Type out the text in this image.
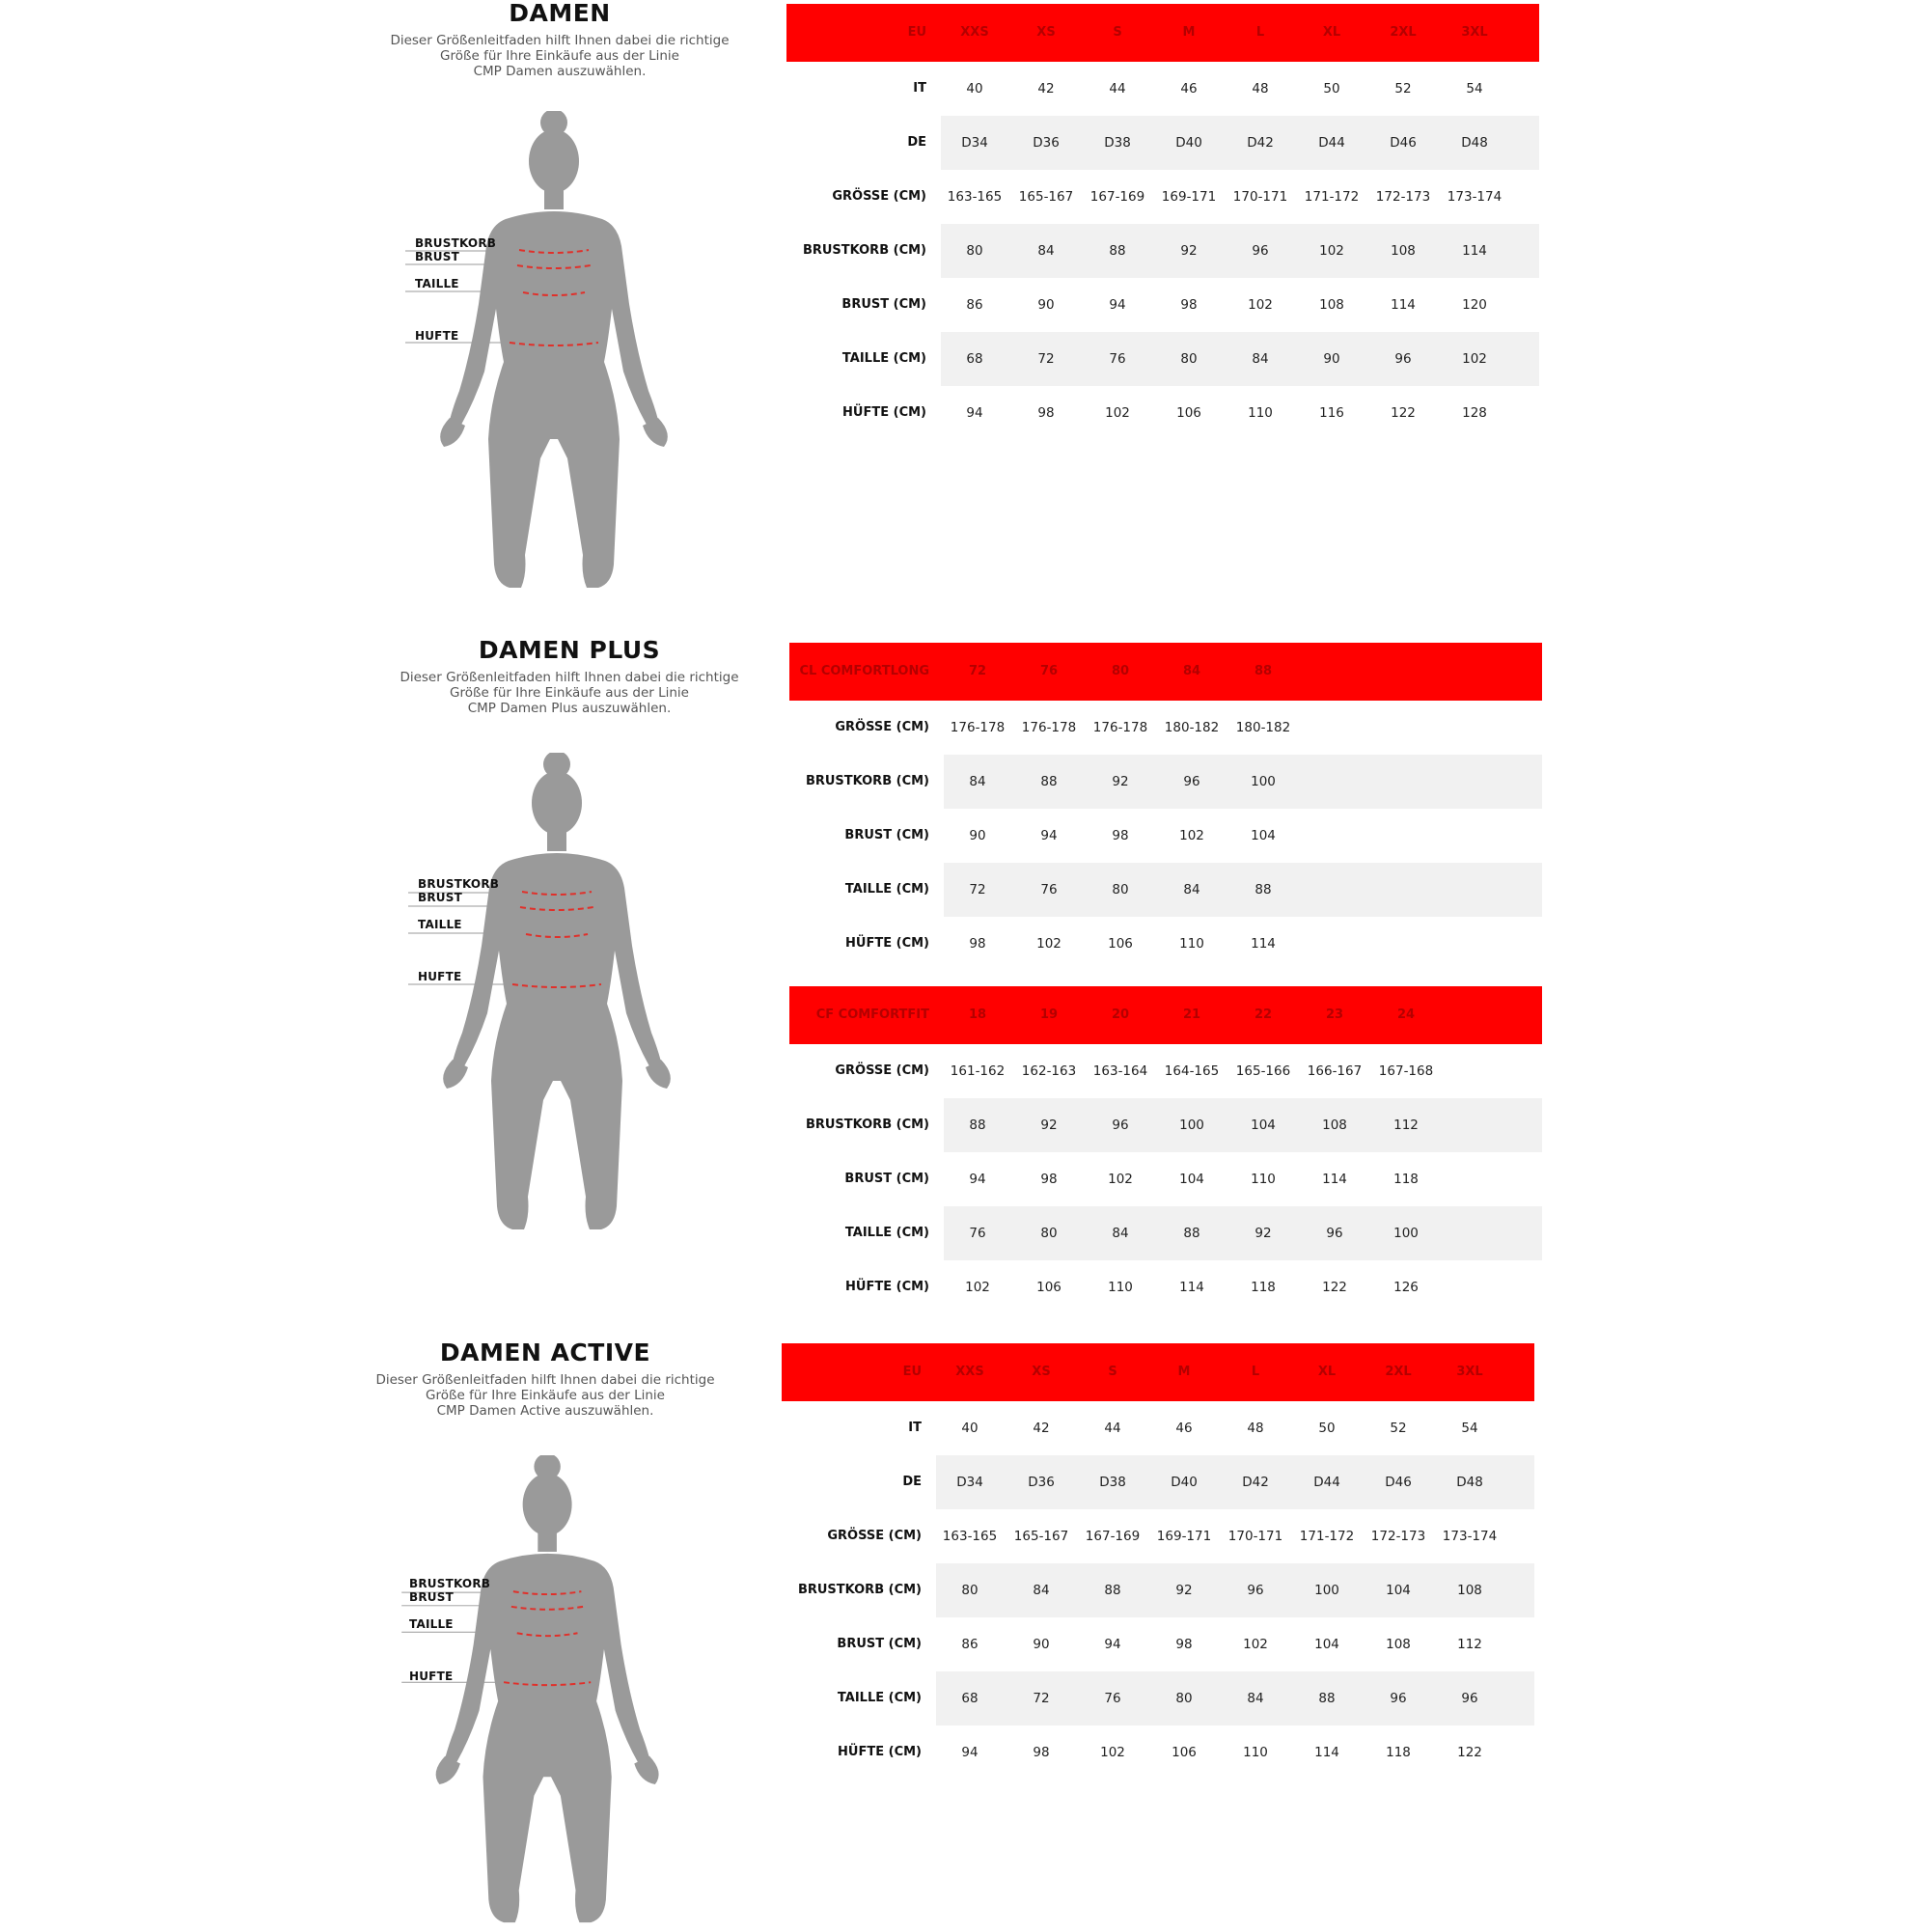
DAMEN
Dieser Größenleitfaden hilft Ihnen dabei die richtige
Größe für Ihre Einkäufe aus der Linie
CMP Damen auszuwählen.
BRUSTKORB
BRUST
TAILLE
HUFTE
EU	XXS	XS	S	M	L	XL	2XL	3XL
IT	40	42	44	46	48	50	52	54
DE	D34	D36	D38	D40	D42	D44	D46	D48
GRÖSSE (CM)	163-165	165-167	167-169	169-171	170-171	171-172	172-173	173-174
BRUSTKORB (CM)	80	84	88	92	96	102	108	114
BRUST (CM)	86	90	94	98	102	108	114	120
TAILLE (CM)	68	72	76	80	84	90	96	102
HÜFTE (CM)	94	98	102	106	110	116	122	128
DAMEN PLUS
Dieser Größenleitfaden hilft Ihnen dabei die richtige
Größe für Ihre Einkäufe aus der Linie
CMP Damen Plus auszuwählen.
BRUSTKORB
BRUST
TAILLE
HUFTE
CL COMFORTLONG	72	76	80	84	88
GRÖSSE (CM)	176-178	176-178	176-178	180-182	180-182
BRUSTKORB (CM)	84	88	92	96	100
BRUST (CM)	90	94	98	102	104
TAILLE (CM)	72	76	80	84	88
HÜFTE (CM)	98	102	106	110	114
CF COMFORTFIT	18	19	20	21	22	23	24
GRÖSSE (CM)	161-162	162-163	163-164	164-165	165-166	166-167	167-168
BRUSTKORB (CM)	88	92	96	100	104	108	112
BRUST (CM)	94	98	102	104	110	114	118
TAILLE (CM)	76	80	84	88	92	96	100
HÜFTE (CM)	102	106	110	114	118	122	126
DAMEN ACTIVE
Dieser Größenleitfaden hilft Ihnen dabei die richtige
Größe für Ihre Einkäufe aus der Linie
CMP Damen Active auszuwählen.
BRUSTKORB
BRUST
TAILLE
HUFTE
EU	XXS	XS	S	M	L	XL	2XL	3XL
IT	40	42	44	46	48	50	52	54
DE	D34	D36	D38	D40	D42	D44	D46	D48
GRÖSSE (CM)	163-165	165-167	167-169	169-171	170-171	171-172	172-173	173-174
BRUSTKORB (CM)	80	84	88	92	96	100	104	108
BRUST (CM)	86	90	94	98	102	104	108	112
TAILLE (CM)	68	72	76	80	84	88	96	96
HÜFTE (CM)	94	98	102	106	110	114	118	122
